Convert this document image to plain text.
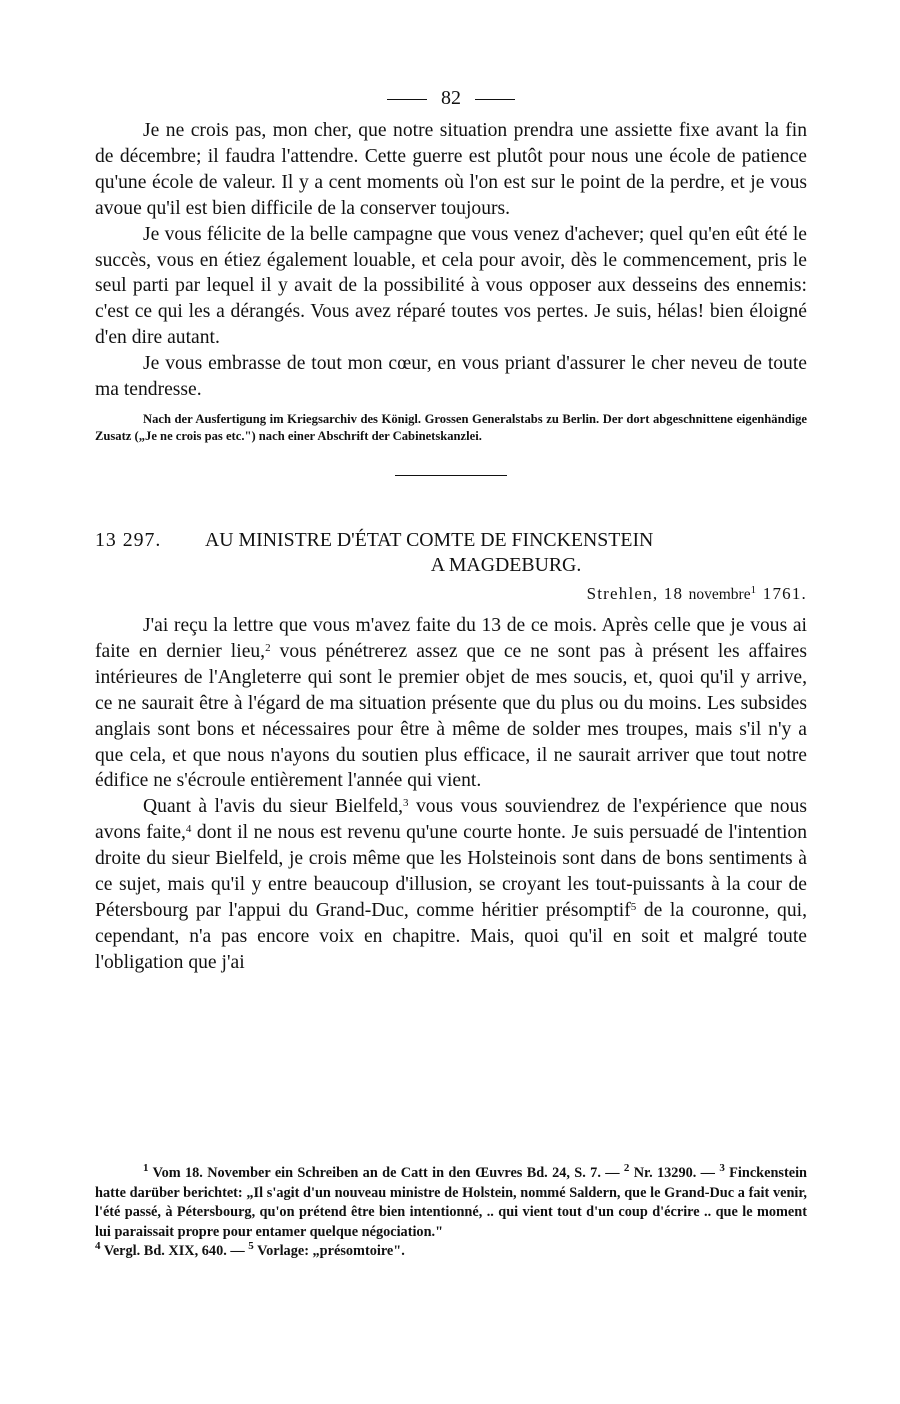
82

Je ne crois pas, mon cher, que notre situation prendra une assiette fixe avant la fin de décembre; il faudra l'attendre. Cette guerre est plutôt pour nous une école de patience qu'une école de valeur. Il y a cent moments où l'on est sur le point de la perdre, et je vous avoue qu'il est bien difficile de la conserver toujours.

Je vous félicite de la belle campagne que vous venez d'achever; quel qu'en eût été le succès, vous en étiez également louable, et cela pour avoir, dès le commencement, pris le seul parti par lequel il y avait de la possibilité à vous opposer aux desseins des ennemis: c'est ce qui les a dérangés. Vous avez réparé toutes vos pertes. Je suis, hélas! bien éloigné d'en dire autant.

Je vous embrasse de tout mon cœur, en vous priant d'assurer le cher neveu de toute ma tendresse.

Nach der Ausfertigung im Kriegsarchiv des Königl. Grossen Generalstabs zu Berlin. Der dort abgeschnittene eigenhändige Zusatz („Je ne crois pas etc.") nach einer Abschrift der Cabinetskanzlei.
13 297.	AU MINISTRE D'ÉTAT COMTE DE FINCKENSTEIN
A MAGDEBURG.
Strehlen, 18 novembre$^1$ 1761.

J'ai reçu la lettre que vous m'avez faite du 13 de ce mois. Après celle que je vous ai faite en dernier lieu,$^2$ vous pénétrerez assez que ce ne sont pas à présent les affaires intérieures de l'Angleterre qui sont le premier objet de mes soucis, et, quoi qu'il y arrive, ce ne saurait être à l'égard de ma situation présente que du plus ou du moins. Les subsides anglais sont bons et nécessaires pour être à même de solder mes troupes, mais s'il n'y a que cela, et que nous n'ayons du soutien plus efficace, il ne saurait arriver que tout notre édifice ne s'écroule entièrement l'année qui vient.

Quant à l'avis du sieur Bielfeld,$^3$ vous vous souviendrez de l'expérience que nous avons faite,$^4$ dont il ne nous est revenu qu'une courte honte. Je suis persuadé de l'intention droite du sieur Bielfeld, je crois même que les Holsteinois sont dans de bons sentiments à ce sujet, mais qu'il y entre beaucoup d'illusion, se croyant les tout-puissants à la cour de Pétersbourg par l'appui du Grand-Duc, comme héritier présomptif$^5$ de la couronne, qui, cependant, n'a pas encore voix en chapitre. Mais, quoi qu'il en soit et malgré toute l'obligation que j'ai

$^1$ Vom 18. November ein Schreiben an de Catt in den Œuvres Bd. 24, S. 7. — $^2$ Nr. 13290. — $^3$ Finckenstein hatte darüber berichtet: „Il s'agit d'un nouveau ministre de Holstein, nommé Saldern, que le Grand-Duc a fait venir, l'été passé, à Pétersbourg, qu'on prétend être bien intentionné, .. qui vient tout d'un coup d'écrire .. que le moment lui paraissait propre pour entamer quelque négociation."

$^4$ Vergl. Bd. XIX, 640. — $^5$ Vorlage: „présomtoire".
